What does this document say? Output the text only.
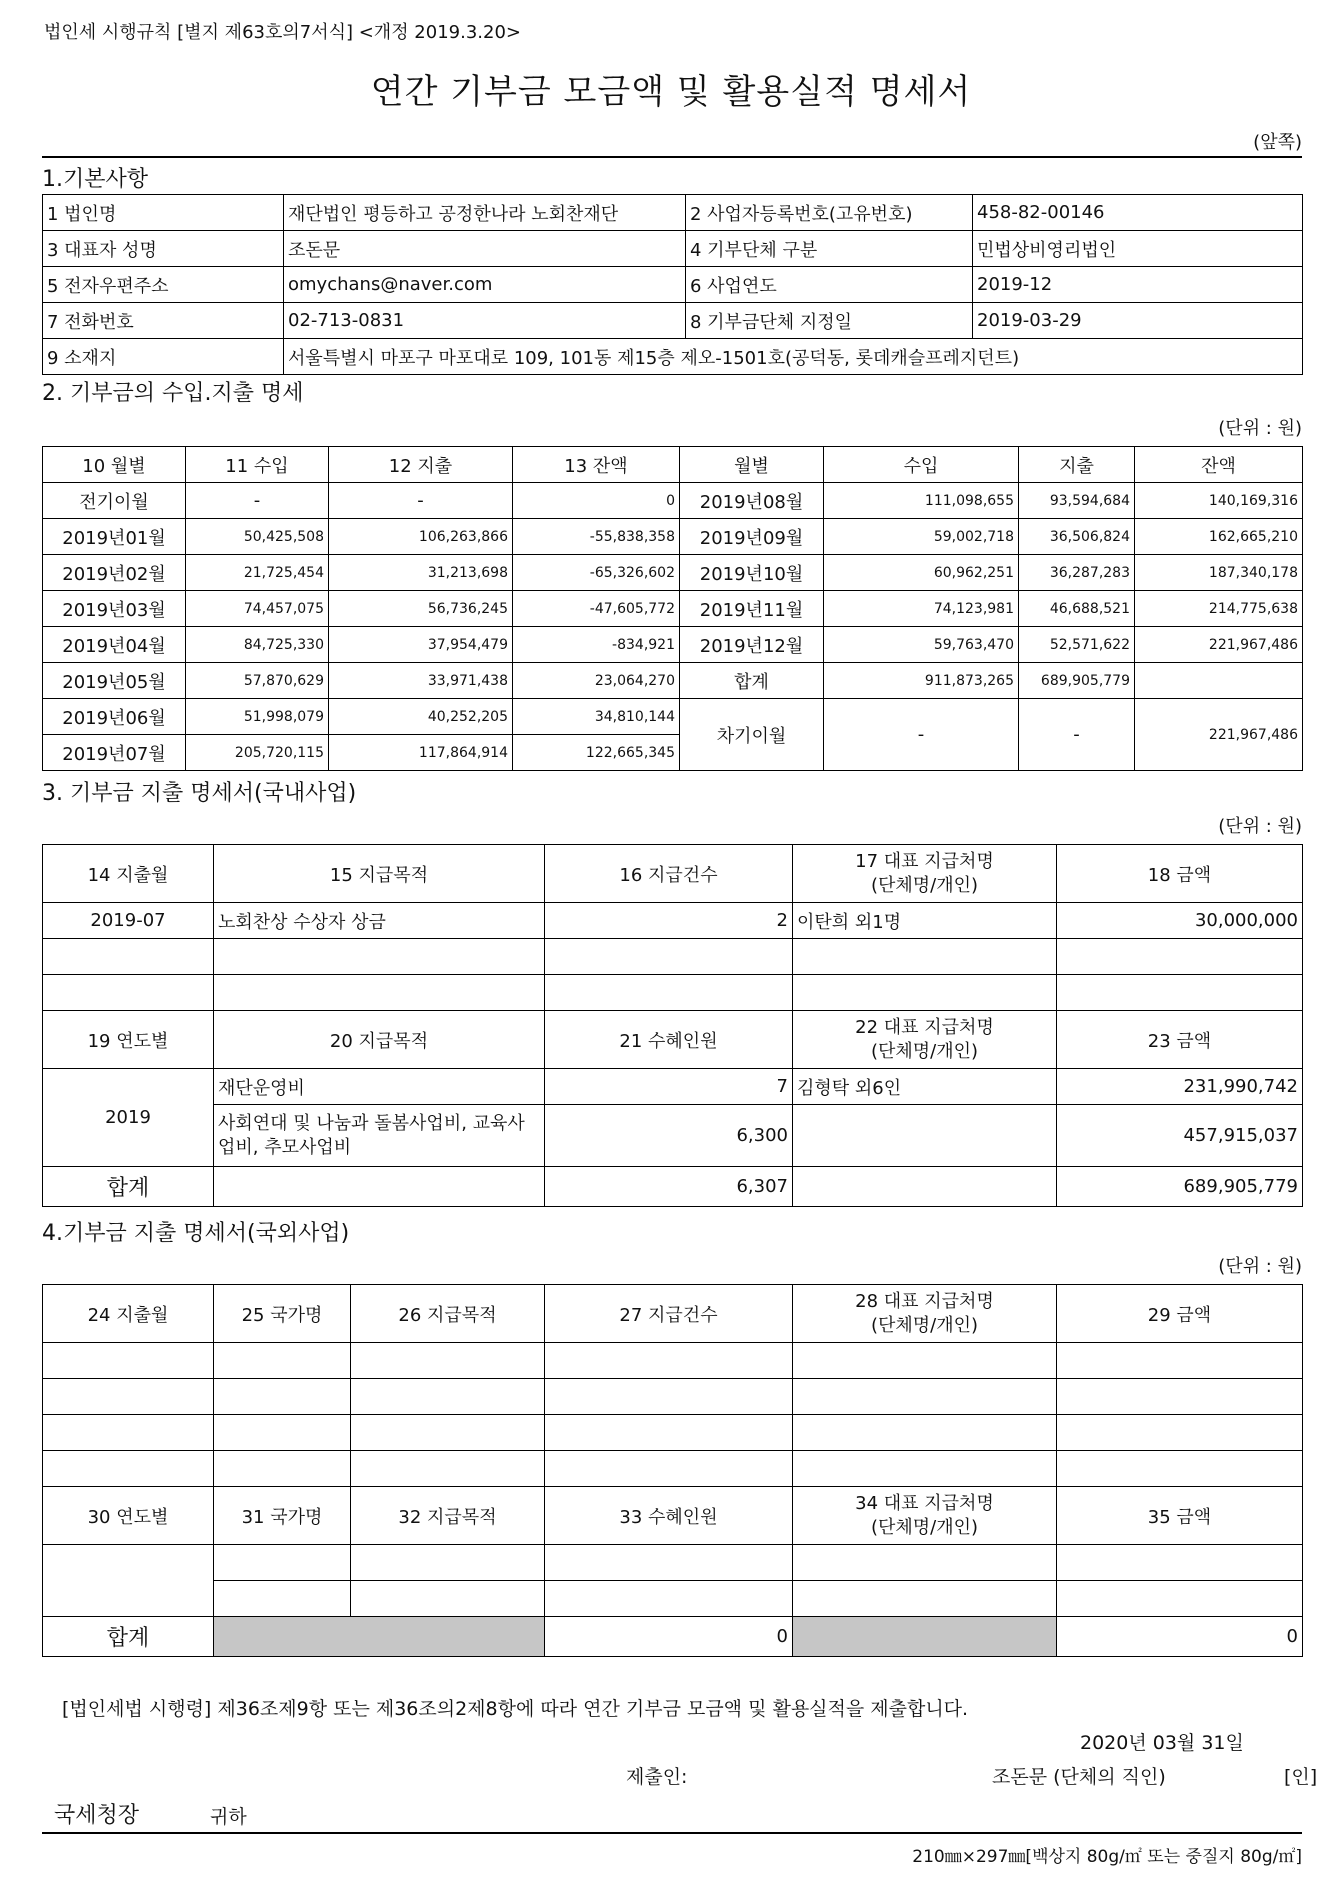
법인세 시행규칙 [별지 제63호의7서식] <개정 2019.3.20>
연간 기부금 모금액 및 활용실적 명세서
(앞쪽)
1.기본사항
1 법인명	재단법인 평등하고 공정한나라 노회찬재단	2 사업자등록번호(고유번호)	458-82-00146
3 대표자 성명	조돈문	4 기부단체 구분	민법상비영리법인
5 전자우편주소	omychans@naver.com	6 사업연도	2019-12
7 전화번호	02-713-0831	8 기부금단체 지정일	2019-03-29
9 소재지	서울특별시 마포구 마포대로 109, 101동 제15층 제오-1501호(공덕동, 롯데캐슬프레지던트)		
2. 기부금의 수입.지출 명세
(단위 : 원)
10 월별	11 수입	12 지출	13 잔액	월별	수입	지출	잔액
전기이월	-	-	0	2019년08월	111,098,655	93,594,684	140,169,316
2019년01월	50,425,508	106,263,866	-55,838,358	2019년09월	59,002,718	36,506,824	162,665,210
2019년02월	21,725,454	31,213,698	-65,326,602	2019년10월	60,962,251	36,287,283	187,340,178
2019년03월	74,457,075	56,736,245	-47,605,772	2019년11월	74,123,981	46,688,521	214,775,638
2019년04월	84,725,330	37,954,479	-834,921	2019년12월	59,763,470	52,571,622	221,967,486
2019년05월	57,870,629	33,971,438	23,064,270	합계	911,873,265	689,905,779	
2019년06월	51,998,079	40,252,205	34,810,144	차기이월	-	-	221,967,486
2019년07월	205,720,115	117,864,914	122,665,345				
3. 기부금 지출 명세서(국내사업)
(단위 : 원)
14 지출월	15 지급목적	16 지급건수	17 대표 지급처명
(단체명/개인)	18 금액
2019-07	노회찬상 수상자 상금	2	이탄희 외1명	30,000,000

19 연도별	20 지급목적	21 수혜인원	22 대표 지급처명
(단체명/개인)	23 금액
2019	재단운영비	7	김형탁 외6인	231,990,742
	사회연대 및 나눔과 돌봄사업비, 교육사업비, 추모사업비	6,300		457,915,037
합계		6,307		689,905,779
4.기부금 지출 명세서(국외사업)
(단위 : 원)
24 지출월	25 국가명	26 지급목적	27 지급건수	28 대표 지급처명
(단체명/개인)	29 금액

30 연도별	31 국가명	32 지급목적	33 수혜인원	34 대표 지급처명
(단체명/개인)	35 금액

합계			0		0
[법인세법 시행령] 제36조제9항 또는 제36조의2제8항에 따라 연간 기부금 모금액 및 활용실적을 제출합니다.
2020년 03월 31일
제출인:	조돈문 (단체의 직인)	[인]
국세청장	귀하
210㎜×297㎜[백상지 80g/㎡ 또는 중질지 80g/㎡]
